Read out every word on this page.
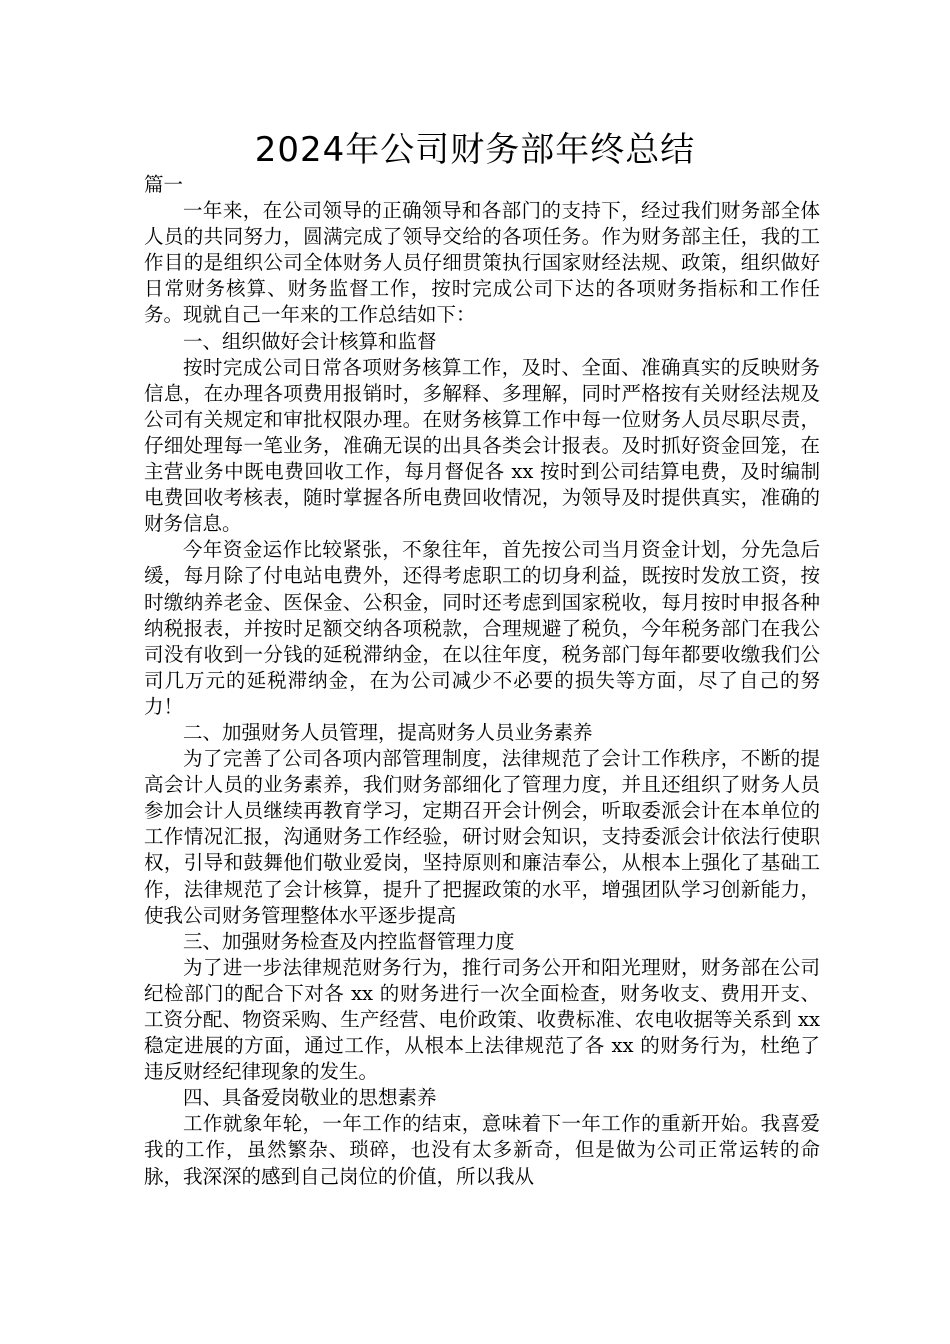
2024年公司财务部年终总结

篇一

一年来，在公司领导的正确领导和各部门的支持下，经过我们财务部全体人员的共同努力，圆满完成了领导交给的各项任务。作为财务部主任，我的工作目的是组织公司全体财务人员仔细贯策执行国家财经法规、政策，组织做好日常财务核算、财务监督工作，按时完成公司下达的各项财务指标和工作任务。现就自己一年来的工作总结如下：

一、组织做好会计核算和监督

按时完成公司日常各项财务核算工作，及时、全面、准确真实的反映财务信息，在办理各项费用报销时，多解释、多理解，同时严格按有关财经法规及公司有关规定和审批权限办理。在财务核算工作中每一位财务人员尽职尽责，仔细处理每一笔业务，准确无误的出具各类会计报表。及时抓好资金回笼，在主营业务中既电费回收工作，每月督促各 xx 按时到公司结算电费，及时编制电费回收考核表，随时掌握各所电费回收情况，为领导及时提供真实，准确的财务信息。

今年资金运作比较紧张，不象往年，首先按公司当月资金计划，分先急后缓，每月除了付电站电费外，还得考虑职工的切身利益，既按时发放工资，按时缴纳养老金、医保金、公积金，同时还考虑到国家税收，每月按时申报各种纳税报表，并按时足额交纳各项税款，合理规避了税负，今年税务部门在我公司没有收到一分钱的延税滞纳金，在以往年度，税务部门每年都要收缴我们公司几万元的延税滞纳金，在为公司减少不必要的损失等方面，尽了自己的努力！

二、加强财务人员管理，提高财务人员业务素养

为了完善了公司各项内部管理制度，法律规范了会计工作秩序，不断的提高会计人员的业务素养，我们财务部细化了管理力度，并且还组织了财务人员参加会计人员继续再教育学习，定期召开会计例会，听取委派会计在本单位的工作情况汇报，沟通财务工作经验，研讨财会知识，支持委派会计依法行使职权，引导和鼓舞他们敬业爱岗，坚持原则和廉洁奉公，从根本上强化了基础工作，法律规范了会计核算，提升了把握政策的水平，增强团队学习创新能力，使我公司财务管理整体水平逐步提高

三、加强财务检查及内控监督管理力度

为了进一步法律规范财务行为，推行司务公开和阳光理财，财务部在公司纪检部门的配合下对各 xx 的财务进行一次全面检查，财务收支、费用开支、工资分配、物资采购、生产经营、电价政策、收费标准、农电收据等关系到 xx 稳定进展的方面，通过工作，从根本上法律规范了各 xx 的财务行为，杜绝了违反财经纪律现象的发生。

四、具备爱岗敬业的思想素养

工作就象年轮，一年工作的结束，意味着下一年工作的重新开始。我喜爱我的工作，虽然繁杂、琐碎，也没有太多新奇，但是做为公司正常运转的命脉，我深深的感到自己岗位的价值，所以我从
